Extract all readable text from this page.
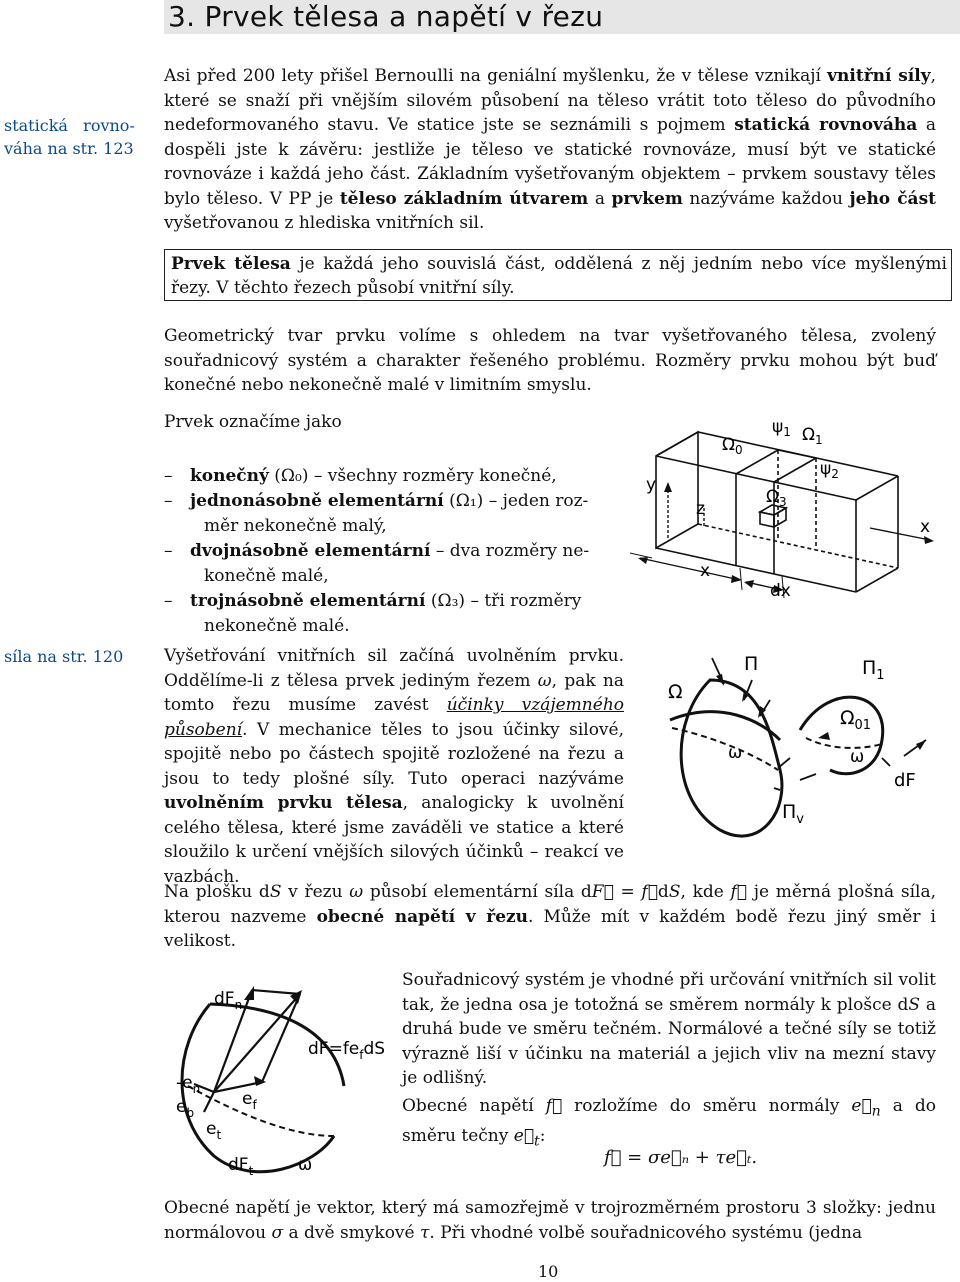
3. Prvek tělesa a napětí v řezu
statická   rovno-
váha na str. 123
síla na str. 120

Asi před 200 lety přišel Bernoulli na geniální myšlenku, že v tělese vznikají vnitřní síly, které se snaží při vnějším silovém působení na těleso vrátit toto těleso do původního nedeformovaného stavu. Ve statice jste se seznámili s pojmem statická rovnováha a dospěli jste k závěru: jestliže je těleso ve statické rovnováze, musí být ve statické rovnováze i každá jeho část. Základním vyšetřovaným objektem – prvkem soustavy těles bylo těleso. V PP je těleso základním útvarem a prvkem nazýváme každou jeho část vyšetřovanou z hlediska vnitřních sil.

Prvek tělesa je každá jeho souvislá část, oddělená z něj jedním nebo více myšlenými řezy. V těchto řezech působí vnitřní síly.

Geometrický tvar prvku volíme s ohledem na tvar vyšetřovaného tělesa, zvolený souřadnicový systém a charakter řešeného problému. Rozměry prvku mohou být buď konečné nebo nekonečně malé v limitním smyslu.

Prvek označíme jako

– konečný (Ω₀) – všechny rozměry konečné,
– jednonásobně elementární (Ω₁) – jeden roz-
měr nekonečně malý,
– dvojnásobně elementární – dva rozměry ne-
konečně malé,
– trojnásobně elementární (Ω₃) – tři rozměry
nekonečně malé.

Vyšetřování vnitřních sil začíná uvolněním prvku. Oddělíme-li z tělesa prvek jediným řezem ω, pak na tomto řezu musíme zavést účinky vzájemného působení. V mechanice těles to jsou účinky silové, spojitě nebo po částech spojitě rozložené na řezu a jsou to tedy plošné síly. Tuto operaci nazýváme uvolněním prvku tělesa, analogicky k uvolnění celého tělesa, které jsme zaváděli ve statice a které sloužilo k určení vnějších silových účinků – reakcí ve vazbách.

Na plošku dS v řezu ω působí elementární síla dF⃗ = f⃗dS, kde f⃗ je měrná plošná síla, kterou nazveme obecné napětí v řezu. Může mít v každém bodě řezu jiný směr i velikost.

Souřadnicový systém je vhodné při určování vnitřních sil volit tak, že jedna osa je totožná se směrem normály k plošce dS a druhá bude ve směru tečném. Normálové a tečné síly se totiž výrazně liší v účinku na materiál a jejich vliv na mezní stavy je odlišný.

Obecné napětí f⃗ rozložíme do směru normály $e⃗_n$ a do směru tečny $e⃗_t$:

f⃗ = σe⃗ₙ + τe⃗ₜ.

Obecné napětí je vektor, který má samozřejmě v trojrozměrném prostoru 3 složky: jednu normálovou σ a dvě smykové τ. Při vhodné volbě souřadnicového systému (jedna

10
$\Omega_0$
$\psi_1$ $\Omega_1$
$\psi_2$
$\Omega_3$
y
z
x
x
dx
Ω
Π	$\Pi_1$
$\Omega_{01}$
ω	ω
$\Pi_v$
dF
$dF_n$
$dF=fe_fdS$
$-e_n$
$e_b$
$e_f$
$e_t$
$dF_t$	ω
